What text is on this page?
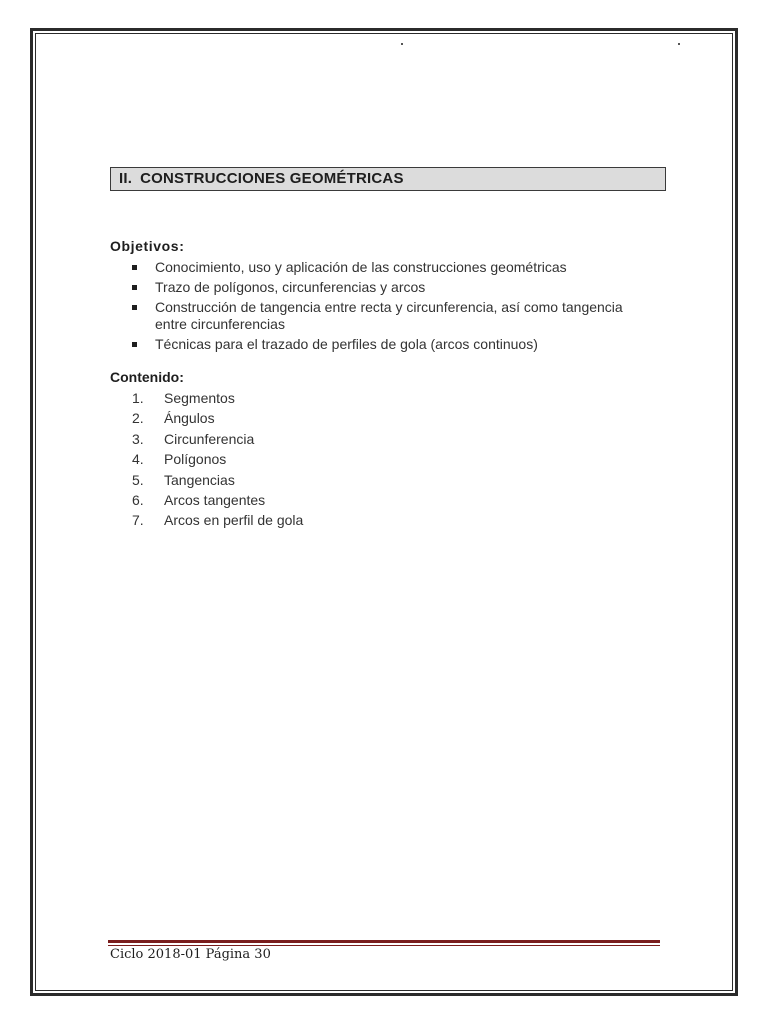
II. CONSTRUCCIONES GEOMÉTRICAS
Objetivos:
Conocimiento, uso y aplicación de las construcciones geométricas
Trazo de polígonos, circunferencias y arcos
Construcción de tangencia entre recta y circunferencia, así como tangencia entre circunferencias
Técnicas para el trazado de perfiles de gola (arcos continuos)
Contenido:
1. Segmentos
2. Ángulos
3. Circunferencia
4. Polígonos
5. Tangencias
6. Arcos tangentes
7. Arcos en perfil de gola
Ciclo 2018-01 Página 30
